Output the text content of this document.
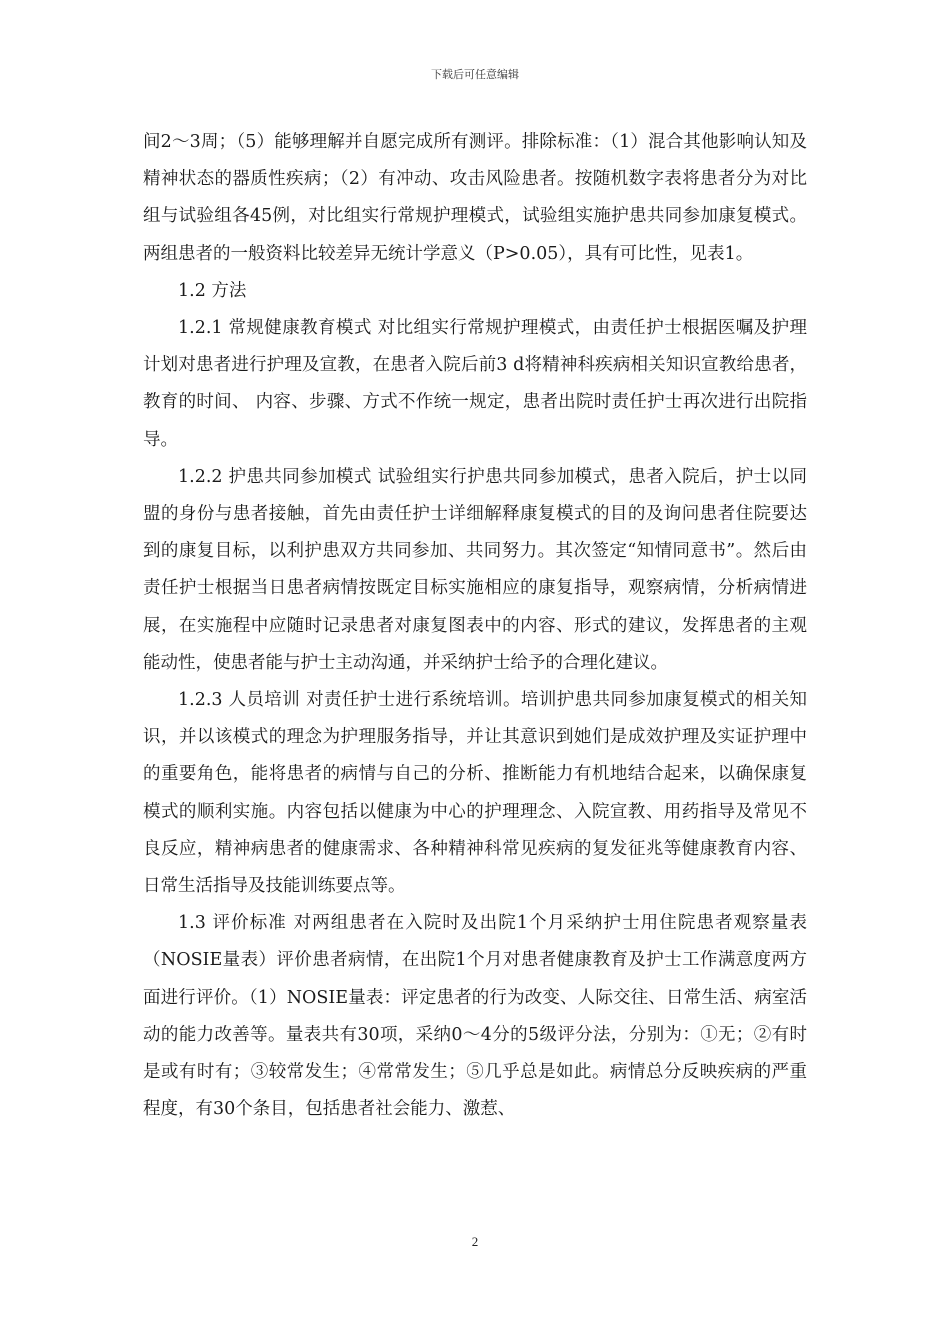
下载后可任意编辑

间2～3周；（5）能够理解并自愿完成所有测评。排除标准：（1）混合其他影响认知及精神状态的器质性疾病；（2）有冲动、攻击风险患者。按随机数字表将患者分为对比组与试验组各45例，对比组实行常规护理模式，试验组实施护患共同参加康复模式。两组患者的一般资料比较差异无统计学意义（P>0.05），具有可比性，见表1。

1.2 方法

1.2.1 常规健康教育模式 对比组实行常规护理模式，由责任护士根据医嘱及护理计划对患者进行护理及宣教，在患者入院后前3 d将精神科疾病相关知识宣教给患者，教育的时间、 内容、步骤、方式不作统一规定，患者出院时责任护士再次进行出院指导。

1.2.2 护患共同参加模式 试验组实行护患共同参加模式，患者入院后，护士以同盟的身份与患者接触，首先由责任护士详细解释康复模式的目的及询问患者住院要达到的康复目标，以利护患双方共同参加、共同努力。其次签定“知情同意书”。然后由责任护士根据当日患者病情按既定目标实施相应的康复指导，观察病情，分析病情进展，在实施程中应随时记录患者对康复图表中的内容、形式的建议，发挥患者的主观能动性，使患者能与护士主动沟通，并采纳护士给予的合理化建议。

1.2.3 人员培训 对责任护士进行系统培训。培训护患共同参加康复模式的相关知识，并以该模式的理念为护理服务指导，并让其意识到她们是成效护理及实证护理中的重要角色，能将患者的病情与自己的分析、推断能力有机地结合起来，以确保康复模式的顺利实施。内容包括以健康为中心的护理理念、入院宣教、用药指导及常见不良反应，精神病患者的健康需求、各种精神科常见疾病的复发征兆等健康教育内容、日常生活指导及技能训练要点等。

1.3 评价标准 对两组患者在入院时及出院1个月采纳护士用住院患者观察量表（NOSIE量表）评价患者病情，在出院1个月对患者健康教育及护士工作满意度两方面进行评价。（1）NOSIE量表：评定患者的行为改变、人际交往、日常生活、病室活动的能力改善等。量表共有30项，采纳0～4分的5级评分法，分别为：①无；②有时是或有时有；③较常发生；④常常发生；⑤几乎总是如此。病情总分反映疾病的严重程度，有30个条目，包括患者社会能力、激惹、

2
